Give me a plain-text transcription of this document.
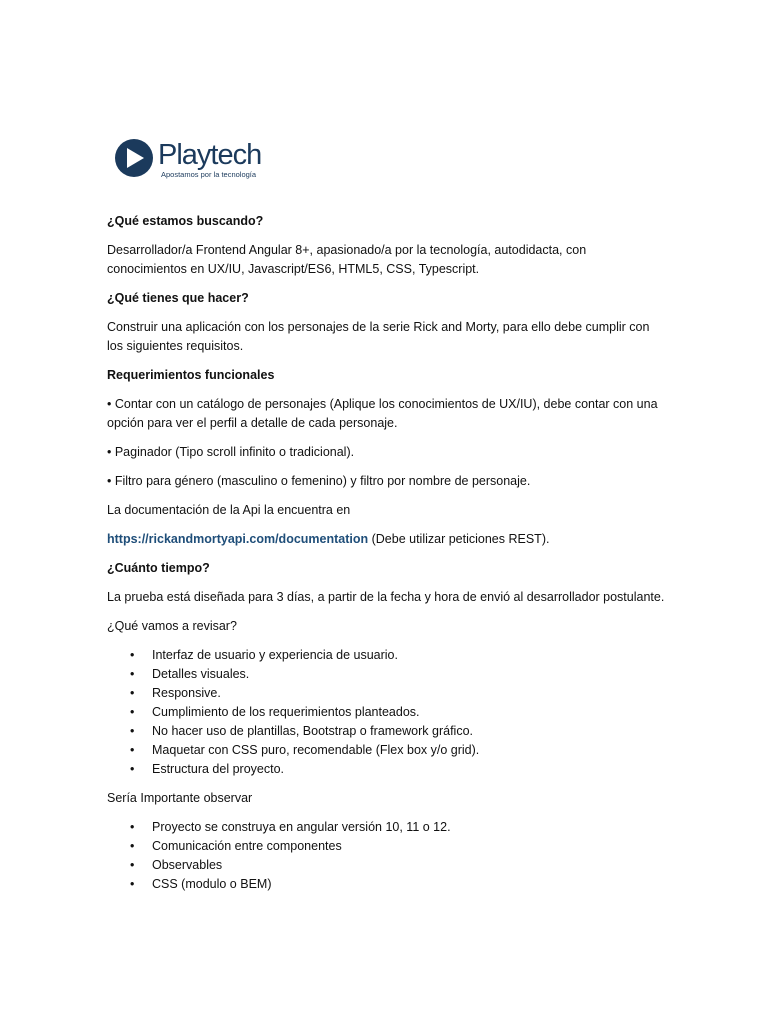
Playtech
Apostamos por la tecnología

¿Qué estamos buscando?

Desarrollador/a Frontend Angular 8+, apasionado/a por la tecnología, autodidacta, con conocimientos en UX/IU, Javascript/ES6, HTML5, CSS, Typescript.

¿Qué tienes que hacer?

Construir una aplicación con los personajes de la serie Rick and Morty, para ello debe cumplir con los siguientes requisitos.

Requerimientos funcionales

• Contar con un catálogo de personajes (Aplique los conocimientos de UX/IU), debe contar con una opción para ver el perfil a detalle de cada personaje.

• Paginador (Tipo scroll infinito o tradicional).

• Filtro para género (masculino o femenino) y filtro por nombre de personaje.

La documentación de la Api la encuentra en

https://rickandmortyapi.com/documentation (Debe utilizar peticiones REST).

¿Cuánto tiempo?

La prueba está diseñada para 3 días, a partir de la fecha y hora de envió al desarrollador postulante.

¿Qué vamos a revisar?

• Interfaz de usuario y experiencia de usuario.
• Detalles visuales.
• Responsive.
• Cumplimiento de los requerimientos planteados.
• No hacer uso de plantillas, Bootstrap o framework gráfico.
• Maquetar con CSS puro, recomendable (Flex box y/o grid).
• Estructura del proyecto.

Sería Importante observar

• Proyecto se construya en angular versión 10, 11 o 12.
• Comunicación entre componentes
• Observables
• CSS (modulo o BEM)
